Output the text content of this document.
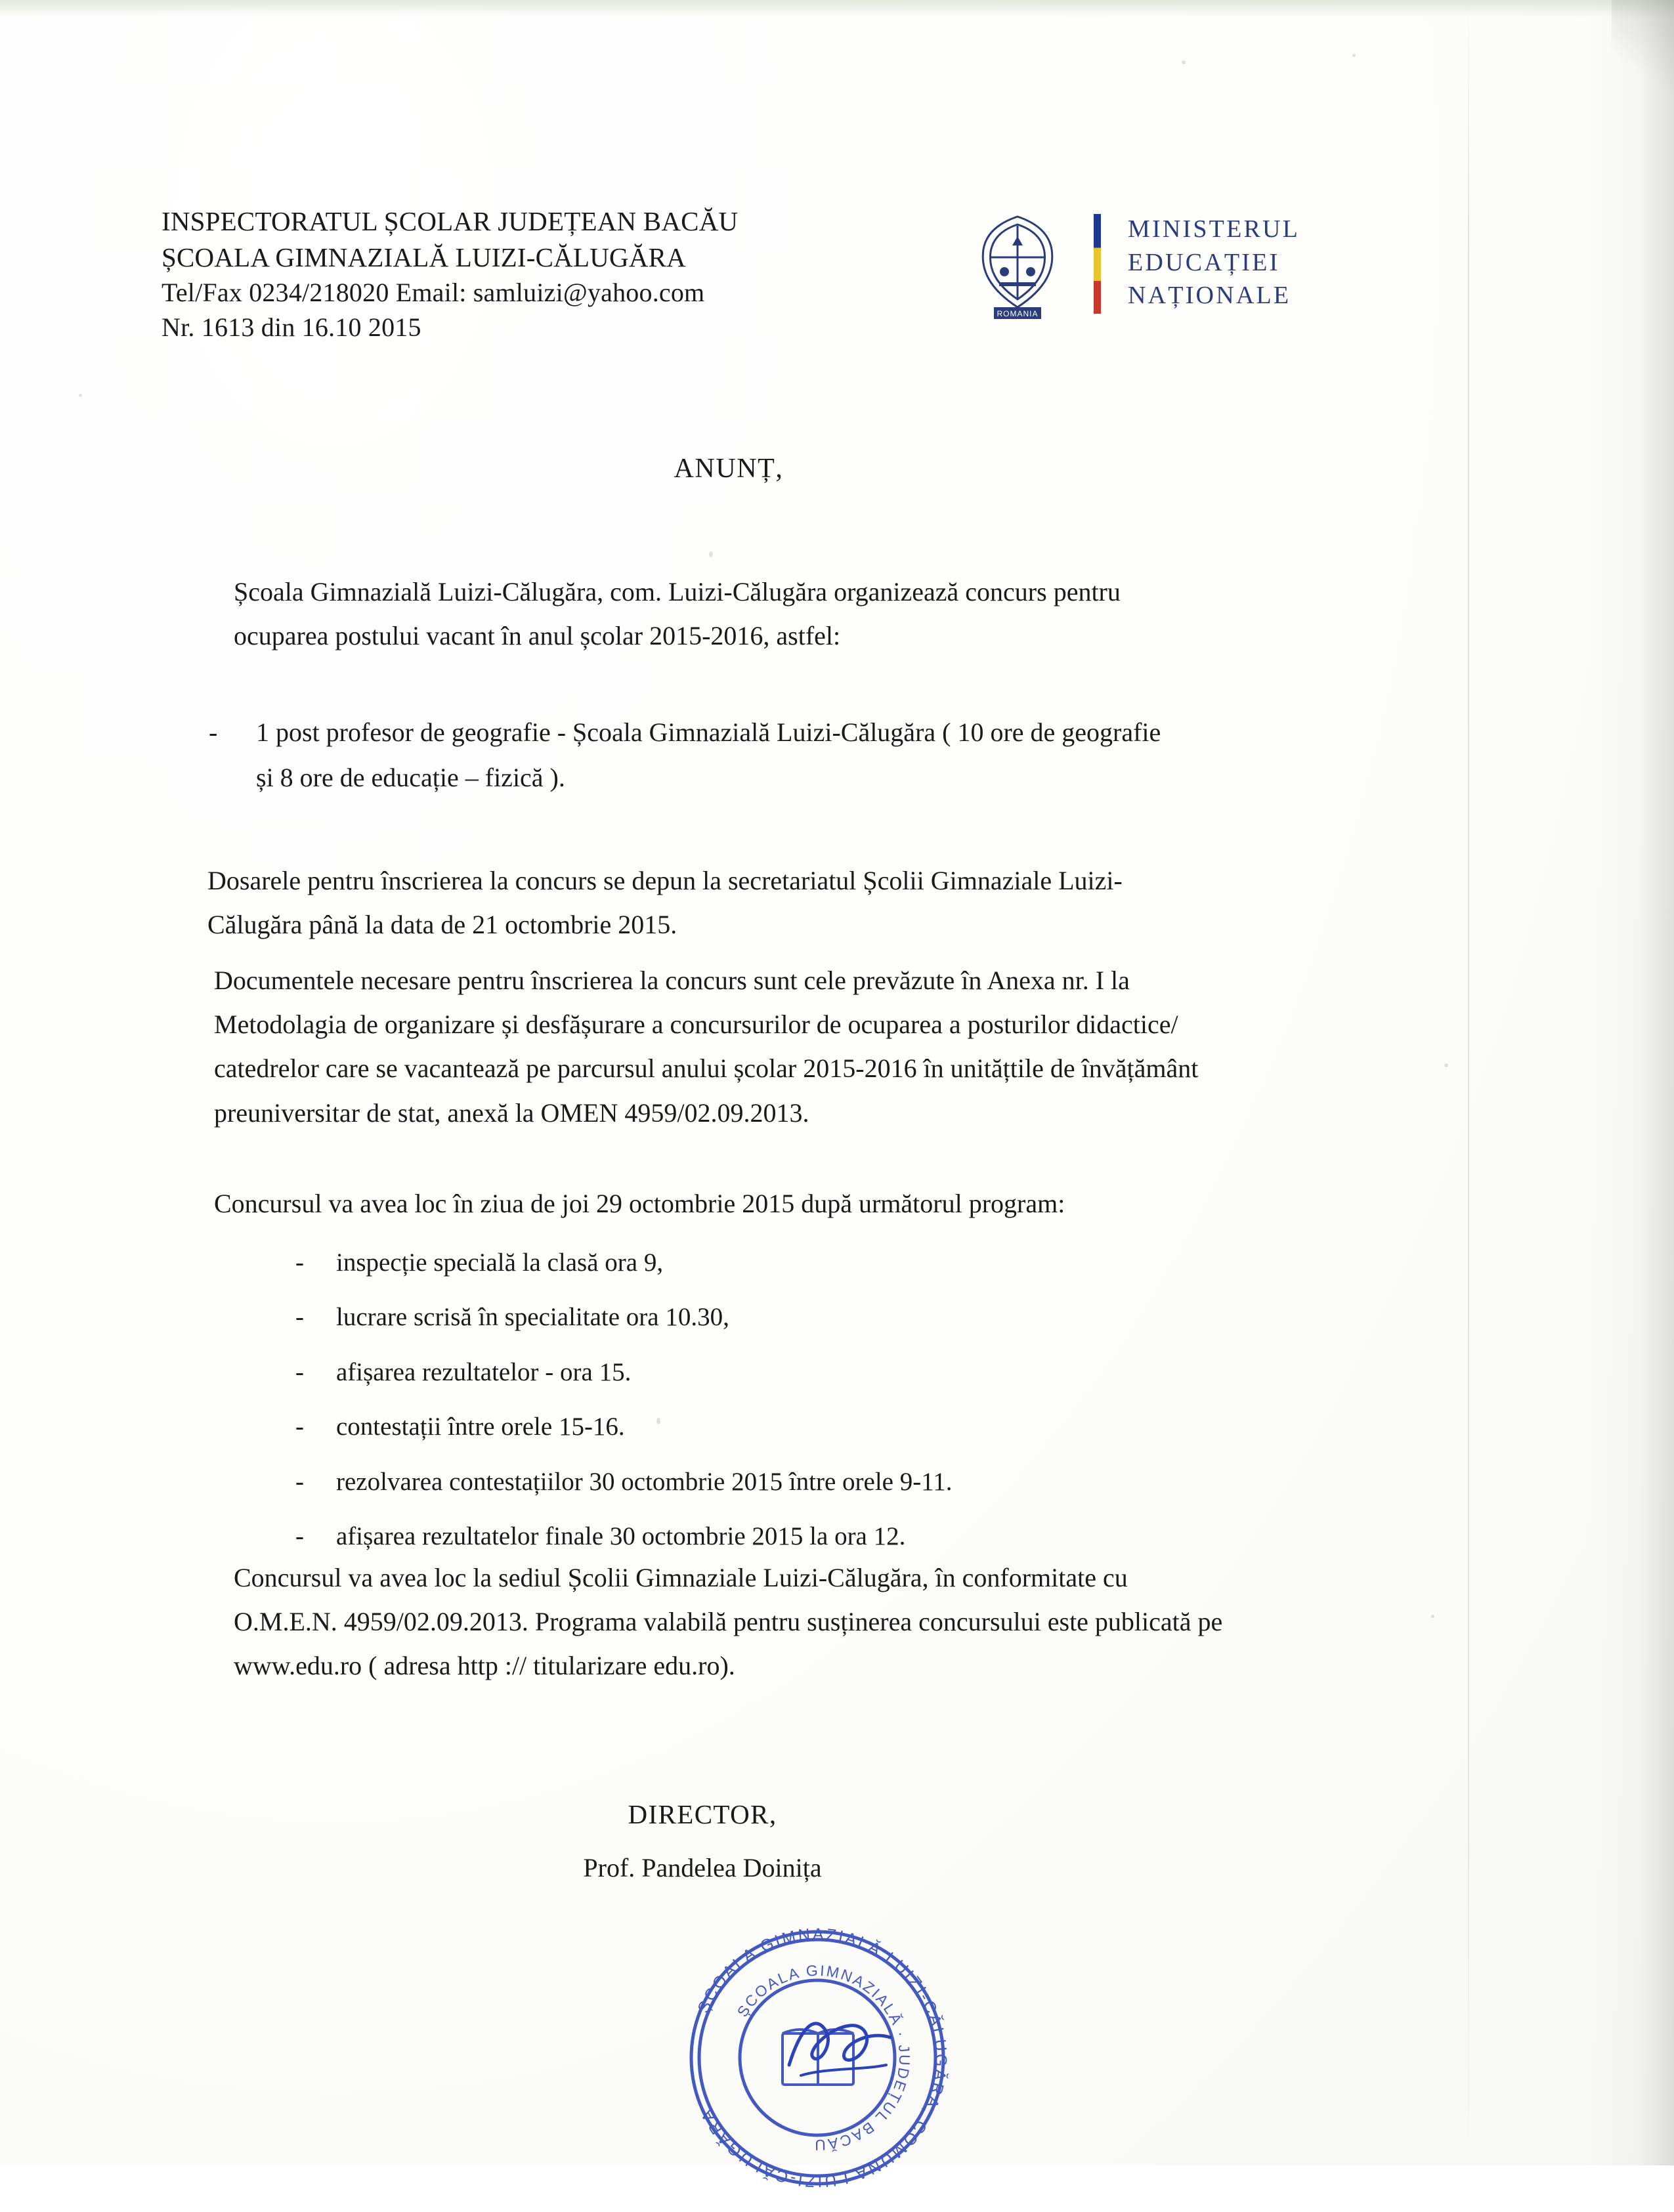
INSPECTORATUL ȘCOLAR JUDEȚEAN BACĂU
ȘCOALA GIMNAZIALĂ LUIZI-CĂLUGĂRA
Tel/Fax 0234/218020 Email: samluizi@yahoo.com
Nr. 1613 din 16.10 2015	ROMANIA
MINISTERUL
EDUCAȚIEI
NAȚIONALE
ANUNȚ,
Școala Gimnazială Luizi-Călugăra, com. Luizi-Călugăra organizează concurs pentru
ocuparea postului vacant în anul școlar 2015-2016, astfel:
-	1 post profesor de geografie - Școala Gimnazială Luizi-Călugăra ( 10 ore de geografie
și 8 ore de educație – fizică ).
Dosarele pentru înscrierea la concurs se depun la secretariatul Școlii Gimnaziale Luizi-
Călugăra până la data de 21 octombrie 2015.
Documentele necesare pentru înscrierea la concurs sunt cele prevăzute în Anexa nr. I la
Metodolagia de organizare și desfășurare a concursurilor de ocuparea a posturilor didactice/
catedrelor care se vacantează pe parcursul anului școlar 2015-2016 în unitățtile de învățământ
preuniversitar de stat, anexă la OMEN 4959/02.09.2013.
Concursul va avea loc în ziua de joi 29 octombrie 2015 după următorul program:
-	inspecție specială la clasă ora 9,
-	lucrare scrisă în specialitate ora 10.30,
-	afișarea rezultatelor - ora 15.
-	contestații între orele 15-16.
-	rezolvarea contestațiilor 30 octombrie 2015 între orele 9-11.
-	afișarea rezultatelor finale 30 octombrie 2015 la ora 12.
Concursul va avea loc la sediul Școlii Gimnaziale Luizi-Călugăra, în conformitate cu
O.M.E.N. 4959/02.09.2013. Programa valabilă pentru susținerea concursului este publicată pe
www.edu.ro ( adresa http :// titularizare edu.ro).
DIRECTOR,
Prof. Pandelea Doinița
ȘCOALA GIMNAZIALĂ LUIZI-CĂLUGĂRA, COMUNA LUIZI-CĂLUGĂRA
ȘCOALA GIMNAZIALĂ · JUDEȚUL BACĂU
